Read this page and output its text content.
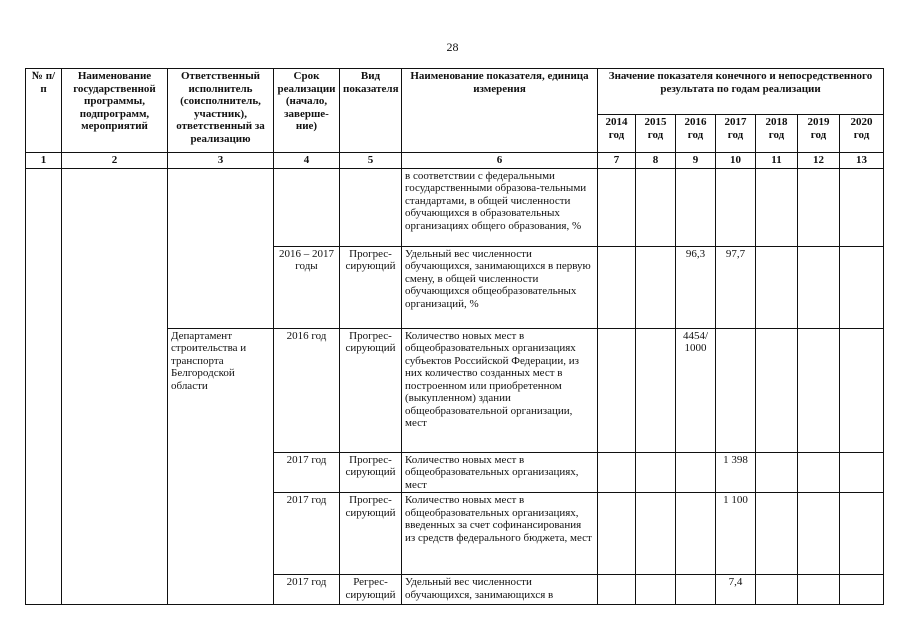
28
№ п/п	Наименование государственной программы, подпрограмм, мероприятий	Ответственный исполнитель (соисполнитель, участник), ответственный за реализацию	Срок реализации (начало, заверше-ние)	Вид показателя	Наименование показателя, единица измерения	Значение показателя конечного и непосредственного результата по годам реализации						
						2014 год	2015 год	2016 год	2017 год	2018 год	2019 год	2020 год
1	2	3	4	5	6	7	8	9	10	11	12	13
					в соответствии с федеральными государственными образова-тельными стандартами, в общей численности обучающихся в образовательных организациях общего образования, %							
			2016 – 2017 годы	Прогрес-сирующий	Удельный вес численности обучающихся, занимающихся в первую смену, в общей численности обучающихся общеобразовательных организаций, %			96,3	97,7			
		Департамент строительства и транспорта Белгородской области	2016 год	Прогрес-сирующий	Количество новых мест в общеобразовательных организациях субъектов Российской Федерации, из них количество созданных мест в построенном или приобретенном (выкупленном) здании общеобразовательной организации, мест			4454/ 1000				
			2017 год	Прогрес-сирующий	Количество новых мест в общеобразовательных организациях, мест				1 398			
			2017 год	Прогрес-сирующий	Количество новых мест в общеобразовательных организациях, введенных за счет софинансирования из средств федерального бюджета, мест				1 100			
			2017 год	Регрес-сирующий	Удельный вес численности обучающихся, занимающихся в				7,4			
